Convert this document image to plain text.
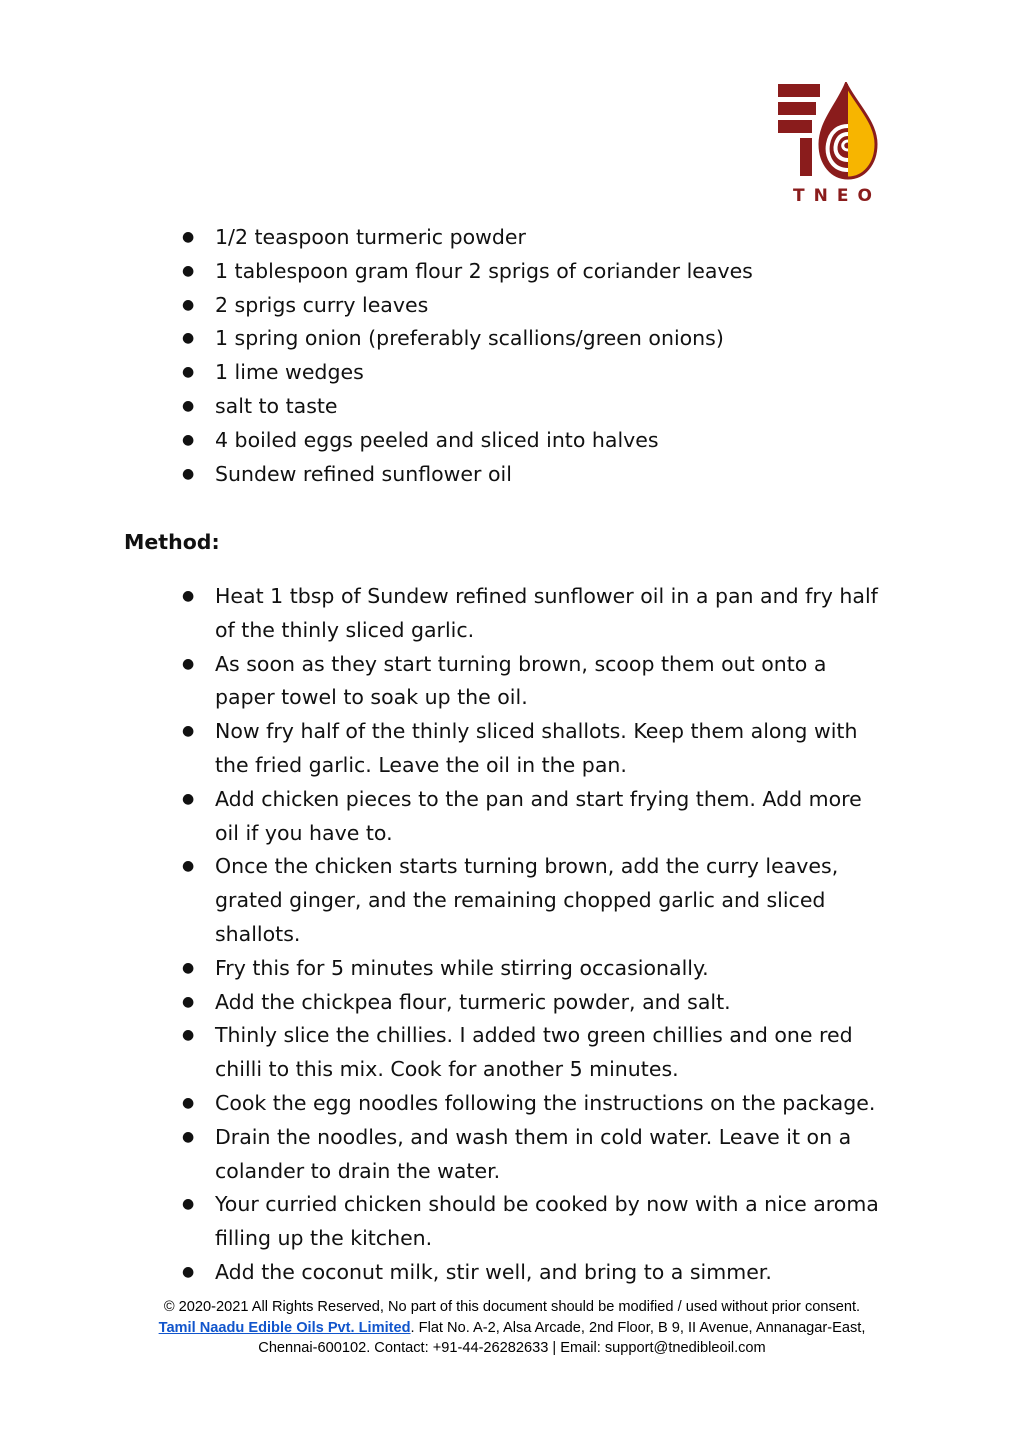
TNEO
● 1/2 teaspoon turmeric powder
● 1 tablespoon gram flour 2 sprigs of coriander leaves
● 2 sprigs curry leaves
● 1 spring onion (preferably scallions/green onions)
● 1 lime wedges
● salt to taste
● 4 boiled eggs peeled and sliced into halves
● Sundew refined sunflower oil
Method:
● Heat 1 tbsp of Sundew refined sunflower oil in a pan and fry half of the thinly sliced garlic.
● As soon as they start turning brown, scoop them out onto a paper towel to soak up the oil.
● Now fry half of the thinly sliced shallots. Keep them along with the fried garlic. Leave the oil in the pan.
● Add chicken pieces to the pan and start frying them. Add more oil if you have to.
● Once the chicken starts turning brown, add the curry leaves, grated ginger, and the remaining chopped garlic and sliced shallots.
● Fry this for 5 minutes while stirring occasionally.
● Add the chickpea flour, turmeric powder, and salt.
● Thinly slice the chillies. I added two green chillies and one red chilli to this mix. Cook for another 5 minutes.
● Cook the egg noodles following the instructions on the package.
● Drain the noodles, and wash them in cold water. Leave it on a colander to drain the water.
● Your curried chicken should be cooked by now with a nice aroma filling up the kitchen.
● Add the coconut milk, stir well, and bring to a simmer.
© 2020-2021 All Rights Reserved, No part of this document should be modified / used without prior consent.
Tamil Naadu Edible Oils Pvt. Limited. Flat No. A-2, Alsa Arcade, 2nd Floor, B 9, II Avenue, Annanagar-East,
Chennai-600102. Contact: +91-44-26282633 | Email: support@tnedibleoil.com
